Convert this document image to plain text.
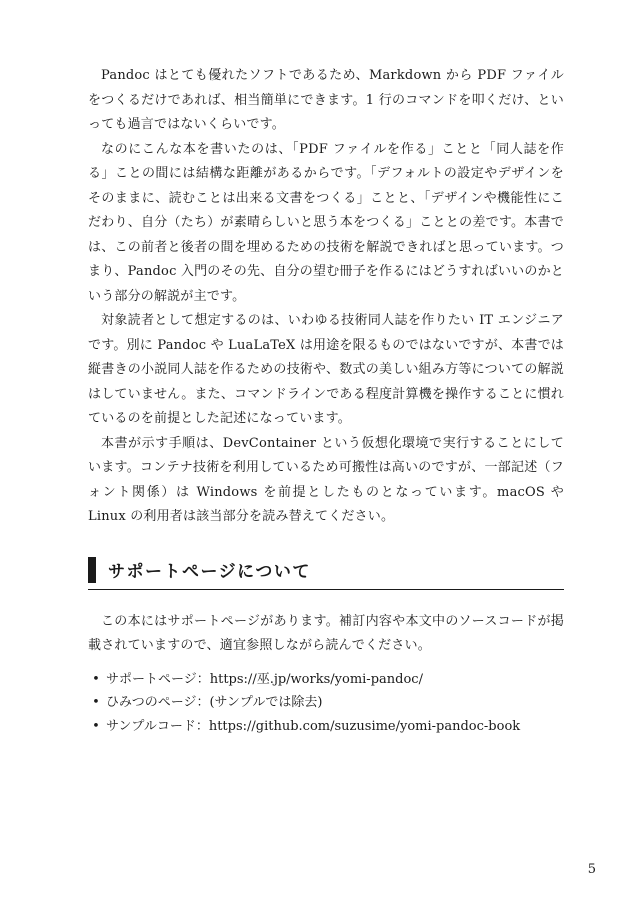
Pandoc はとても優れたソフトであるため、Markdown から PDF ファイルをつくるだけであれば、相当簡単にできます。1 行のコマンドを叩くだけ、といっても過言ではないくらいです。

なのにこんな本を書いたのは、「PDF ファイルを作る」ことと「同人誌を作る」ことの間には結構な距離があるからです。「デフォルトの設定やデザインをそのままに、読むことは出来る文書をつくる」ことと、「デザインや機能性にこだわり、自分（たち）が素晴らしいと思う本をつくる」こととの差です。本書では、この前者と後者の間を埋めるための技術を解説できればと思っています。つまり、Pandoc 入門のその先、自分の望む冊子を作るにはどうすればいいのかという部分の解説が主です。

対象読者として想定するのは、いわゆる技術同人誌を作りたい IT エンジニアです。別に Pandoc や LuaLaTeX は用途を限るものではないですが、本書では縦書きの小説同人誌を作るための技術や、数式の美しい組み方等についての解説はしていません。また、コマンドラインである程度計算機を操作することに慣れているのを前提とした記述になっています。

本書が示す手順は、DevContainer という仮想化環境で実行することにしています。コンテナ技術を利用しているため可搬性は高いのですが、一部記述（フォント関係）は Windows を前提としたものとなっています。macOS や Linux の利用者は該当部分を読み替えてください。

サポートページについて

この本にはサポートページがあります。補訂内容や本文中のソースコードが掲載されていますので、適宜参照しながら読んでください。

• サポートページ：https://巫.jp/works/yomi-pandoc/
• ひみつのページ：(サンプルでは除去)
• サンプルコード：https://github.com/suzusime/yomi-pandoc-book
5
